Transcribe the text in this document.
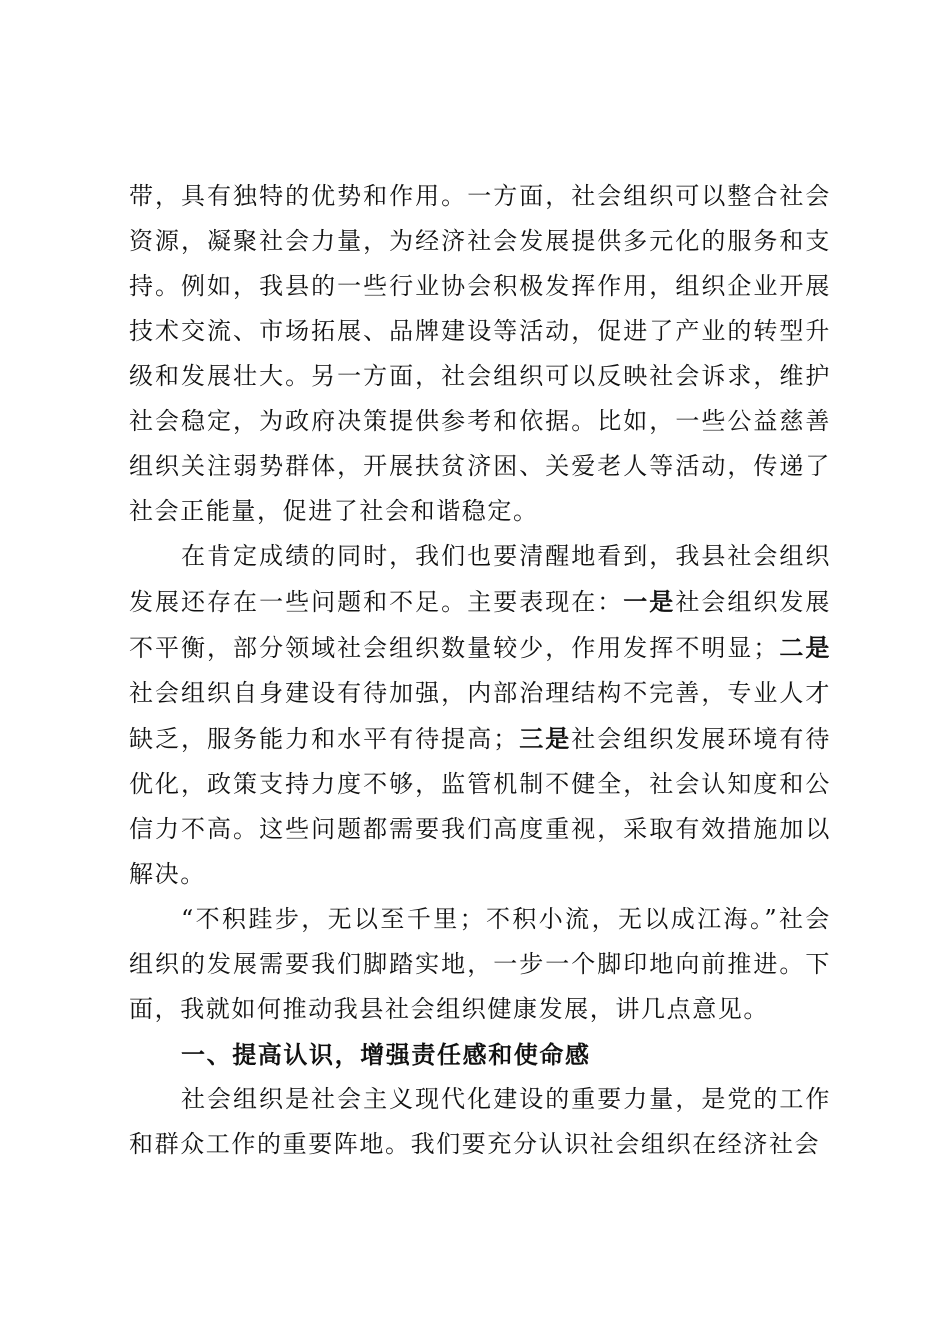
带，具有独特的优势和作用。一方面，社会组织可以整合社会资源，凝聚社会力量，为经济社会发展提供多元化的服务和支持。例如，我县的一些行业协会积极发挥作用，组织企业开展技术交流、市场拓展、品牌建设等活动，促进了产业的转型升级和发展壮大。另一方面，社会组织可以反映社会诉求，维护社会稳定，为政府决策提供参考和依据。比如，一些公益慈善组织关注弱势群体，开展扶贫济困、关爱老人等活动，传递了社会正能量，促进了社会和谐稳定。

在肯定成绩的同时，我们也要清醒地看到，我县社会组织发展还存在一些问题和不足。主要表现在：一是社会组织发展不平衡，部分领域社会组织数量较少，作用发挥不明显；二是社会组织自身建设有待加强，内部治理结构不完善，专业人才缺乏，服务能力和水平有待提高；三是社会组织发展环境有待优化，政策支持力度不够，监管机制不健全，社会认知度和公信力不高。这些问题都需要我们高度重视，采取有效措施加以解决。

“不积跬步，无以至千里；不积小流，无以成江海。”社会组织的发展需要我们脚踏实地，一步一个脚印地向前推进。下面，我就如何推动我县社会组织健康发展，讲几点意见。

一、提高认识，增强责任感和使命感

社会组织是社会主义现代化建设的重要力量，是党的工作和群众工作的重要阵地。我们要充分认识社会组织在经济社会
